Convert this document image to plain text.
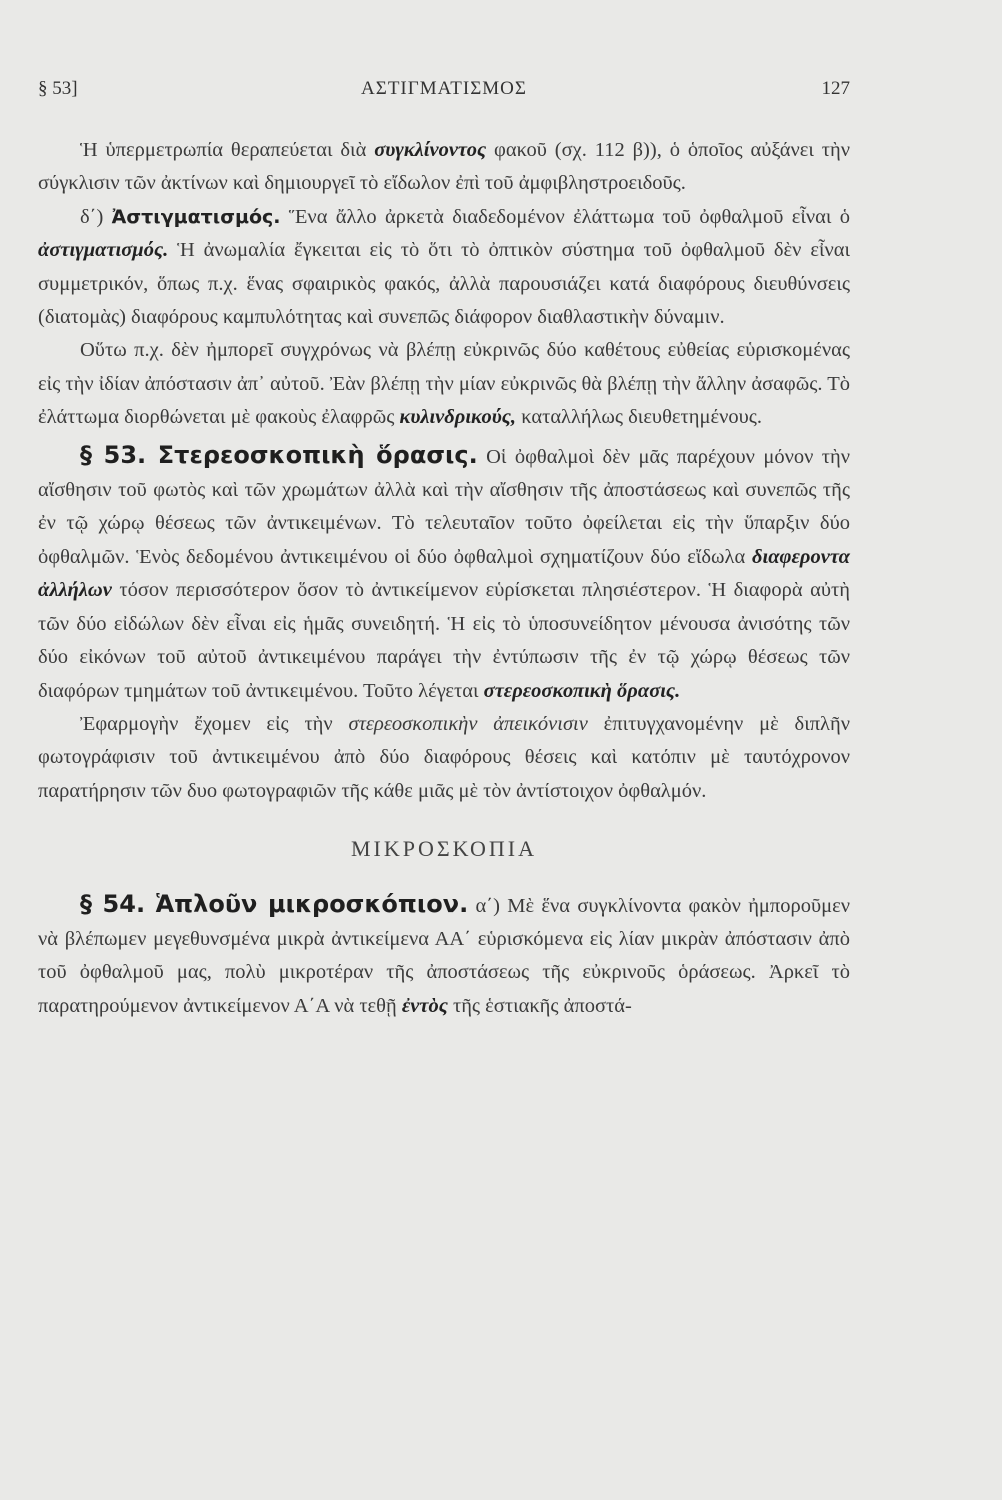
§ 53]	ΑΣΤΙΓΜΑΤΙΣΜΟΣ	127

Ἡ ὑπερμετρωπία θεραπεύεται διὰ συγκλίνοντος φακοῦ (σχ. 112 β)), ὁ ὁποῖος αὐξάνει τὴν σύγκλισιν τῶν ἀκτίνων καὶ δημιουργεῖ τὸ εἴδωλον ἐπὶ τοῦ ἀμφιβληστροειδοῦς.

δ΄) Ἀστιγματισμός. Ἕνα ἄλλο ἀρκετὰ διαδεδομένον ἐλάττωμα τοῦ ὀφθαλμοῦ εἶναι ὁ ἀστιγματισμός. Ἡ ἀνωμαλία ἔγκειται εἰς τὸ ὅτι τὸ ὀπτικὸν σύστημα τοῦ ὀφθαλμοῦ δὲν εἶναι συμμετρικόν, ὅπως π.χ. ἕνας σφαιρικὸς φακός, ἀλλὰ παρουσιάζει κατά διαφόρους διευθύνσεις (διατομὰς) διαφόρους καμπυλότητας καὶ συνεπῶς διάφορον διαθλαστικὴν δύναμιν.

Οὕτω π.χ. δὲν ἠμπορεῖ συγχρόνως νὰ βλέπῃ εὐκρινῶς δύο καθέτους εὐθείας εὑρισκομένας εἰς τὴν ἰδίαν ἀπόστασιν ἀπ᾿ αὐτοῦ. Ἐὰν βλέπῃ τὴν μίαν εὐκρινῶς θὰ βλέπῃ τὴν ἄλλην ἀσαφῶς. Τὸ ἐλάττωμα διορθώνεται μὲ φακοὺς ἐλαφρῶς κυλινδρικούς, καταλλήλως διευθετημένους.

§ 53. Στερεοσκοπικὴ ὅρασις. Οἱ ὀφθαλμοὶ δὲν μᾶς παρέχουν μόνον τὴν αἴσθησιν τοῦ φωτὸς καὶ τῶν χρωμάτων ἀλλὰ καὶ τὴν αἴσθησιν τῆς ἀποστάσεως καὶ συνεπῶς τῆς ἐν τῷ χώρῳ θέσεως τῶν ἀντικειμένων. Τὸ τελευταῖον τοῦτο ὀφείλεται εἰς τὴν ὕπαρξιν δύο ὀφθαλμῶν. Ἑνὸς δεδομένου ἀντικειμένου οἱ δύο ὀφθαλμοὶ σχηματίζουν δύο εἴδωλα διαφερoντα ἀλλήλων τόσον περισσότερον ὅσον τὸ ἀντικείμενον εὑρίσκεται πλησιέστερον. Ἡ διαφορὰ αὐτὴ τῶν δύο εἰδώλων δὲν εἶναι εἰς ἡμᾶς συνειδητή. Ἡ εἰς τὸ ὑποσυνείδητον μένουσα ἀνισότης τῶν δύο εἰκόνων τοῦ αὐτοῦ ἀντικειμένου παράγει τὴν ἐντύπωσιν τῆς ἐν τῷ χώρῳ θέσεως τῶν διαφόρων τμημάτων τοῦ ἀντικειμένου. Τοῦτο λέγεται στερεοσκοπικὴ ὅρασις.

Ἐφαρμογὴν ἔχομεν εἰς τὴν στερεοσκοπικὴν ἀπεικόνισιν ἐπιτυγχανομένην μὲ διπλῆν φωτογράφισιν τοῦ ἀντικειμένου ἀπὸ δύο διαφόρους θέσεις καὶ κατόπιν μὲ ταυτόχρονον παρατήρησιν τῶν δυο φωτογραφιῶν τῆς κάθε μιᾶς μὲ τὸν ἀντίστοιχον ὀφθαλμόν.

ΜΙΚΡΟΣΚΟΠΙΑ

§ 54. Ἁπλοῦν μικροσκόπιον. α΄) Μὲ ἕνα συγκλίνοντα φακὸν ἠμποροῦμεν νὰ βλέπωμεν μεγεθυνσμένα μικρὰ ἀντικείμενα ΑΑ΄ εὑρισκόμενα εἰς λίαν μικρὰν ἀπόστασιν ἀπὸ τοῦ ὀφθαλμοῦ μας, πολὺ μικροτέραν τῆς ἀποστάσεως τῆς εὐκρινοῦς ὁράσεως. Ἀρκεῖ τὸ παρατηρούμενον ἀντικείμενον Α΄Α νὰ τεθῇ ἐντὸς τῆς ἑστιακῆς ἀποστά-
